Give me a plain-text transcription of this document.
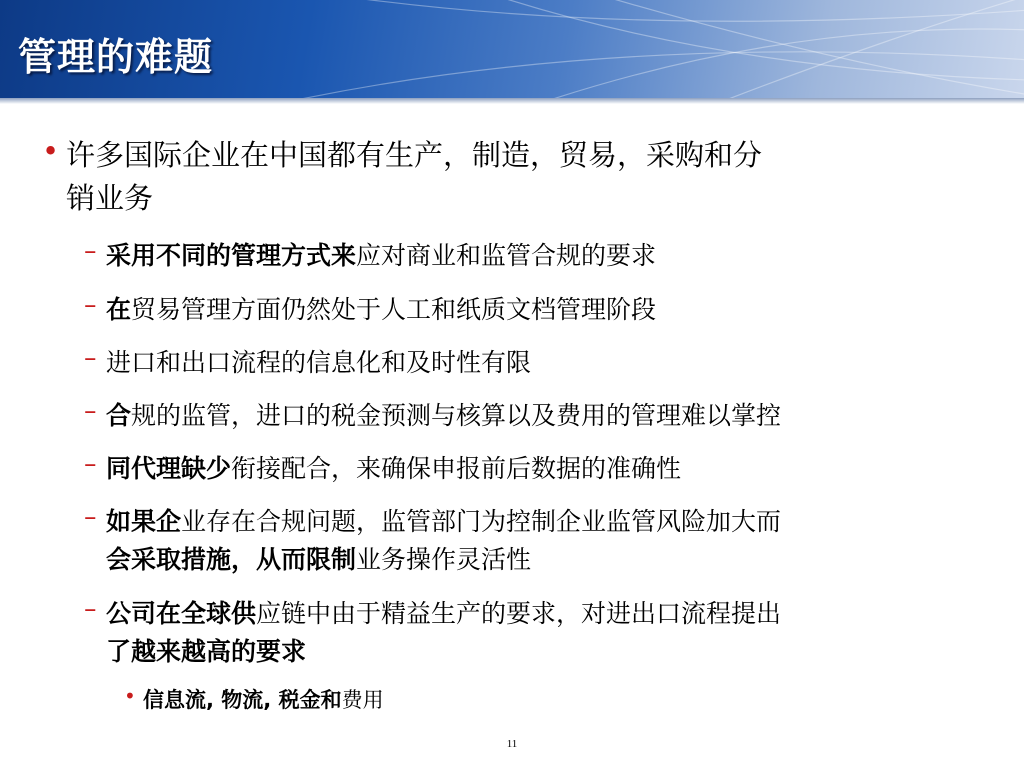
管理的难题
• 许多国际企业在中国都有生产，制造，贸易，采购和分
销业务
– 采用不同的管理方式来应对商业和监管合规的要求
– 在贸易管理方面仍然处于人工和纸质文档管理阶段
– 进口和出口流程的信息化和及时性有限
– 合规的监管，进口的税金预测与核算以及费用的管理难以掌控
– 同代理缺少衔接配合，来确保申报前后数据的准确性
– 如果企业存在合规问题，监管部门为控制企业监管风险加大而
会采取措施，从而限制业务操作灵活性
– 公司在全球供应链中由于精益生产的要求，对进出口流程提出
了越来越高的要求
• 信息流, 物流, 税金和费用
11
